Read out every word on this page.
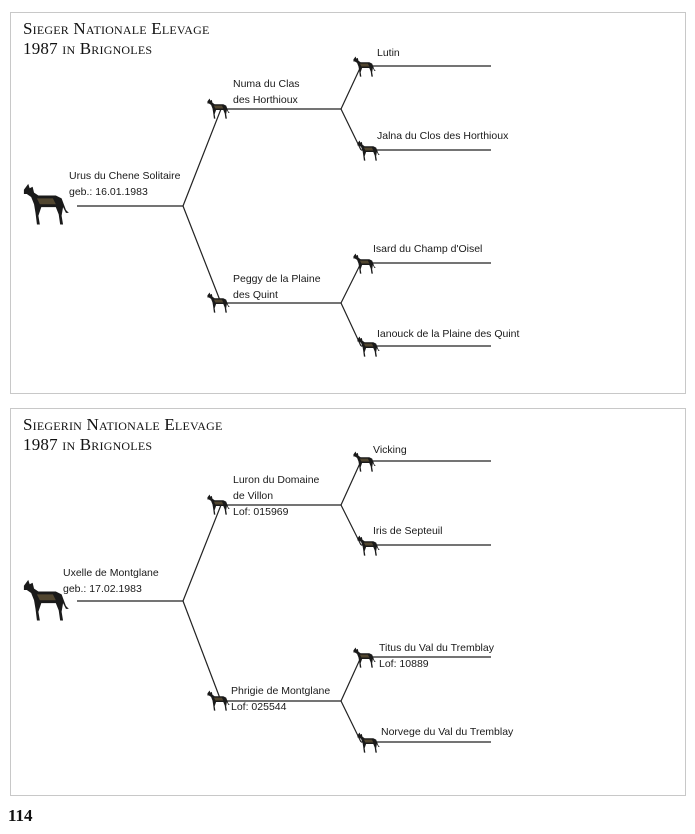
Sieger Nationale Elevage
1987 in Brignoles
Urus du Chene Solitaire
geb.: 16.01.1983
Numa du Clas
des Horthioux
Peggy de la Plaine
des Quint
Lutin
Jalna du Clos des Horthioux
Isard du Champ d'Oisel
Ianouck de la Plaine des Quint
Siegerin Nationale Elevage
1987 in Brignoles
Uxelle de Montglane
geb.: 17.02.1983
Luron du Domaine
de Villon
Lof: 015969
Phrigie de Montglane
Lof: 025544
Vicking
Iris de Septeuil
Titus du Val du Tremblay
Lof: 10889
Norvege du Val du Tremblay
114
